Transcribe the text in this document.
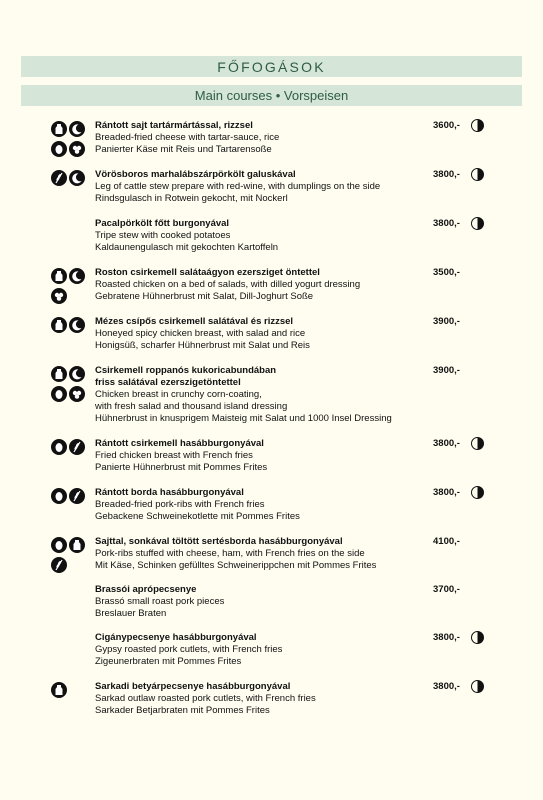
FŐFOGÁSOK
Main courses • Vorspeisen
Rántott sajt tartármártással, rizzsel
Breaded-fried cheese with tartar-sauce, rice
Panierter Käse mit Reis und Tartarensoße
3600,-
Vörösboros marhalábszárpörkölt galuskával
Leg of cattle stew prepare with red-wine, with dumplings on the side
Rindsgulasch in Rotwein gekocht, mit Nockerl
3800,-
Pacalpörkölt főtt burgonyával
Tripe stew with cooked potatoes
Kaldaunengulasch mit gekochten Kartoffeln
3800,-
Roston csirkemell salátaágyon ezersziget öntettel
Roasted chicken on a bed of salads, with dilled yogurt dressing
Gebratene Hühnerbrust mit Salat, Dill-Joghurt Soße
3500,-
Mézes csípős csirkemell salátával és rizzsel
Honeyed spicy chicken breast, with salad and rice
Honigsüß, scharfer Hühnerbrust mit Salat und Reis
3900,-
Csirkemell roppanós kukoricabundában
friss salátával ezerszigetöntettel
Chicken breast in crunchy corn-coating,
with fresh salad and thousand island dressing
Hühnerbrust in knusprigem Maisteig mit Salat und 1000 Insel Dressing
3900,-
Rántott csirkemell hasábburgonyával
Fried chicken breast with French fries
Panierte Hühnerbrust mit Pommes Frites
3800,-
Rántott borda hasábburgonyával
Breaded-fried pork-ribs with French fries
Gebackene Schweinekotlette mit Pommes Frites
3800,-
Sajttal, sonkával töltött sertésborda hasábburgonyával
Pork-ribs stuffed with cheese, ham, with French fries on the side
Mit Käse, Schinken gefülltes Schweinerippchen mit Pommes Frites
4100,-
Brassói aprópecsenye
Brassó small roast pork pieces
Breslauer Braten
3700,-
Cigánypecsenye hasábburgonyával
Gypsy roasted pork cutlets, with French fries
Zigeunerbraten mit Pommes Frites
3800,-
Sarkadi betyárpecsenye hasábburgonyával
Sarkad outlaw roasted pork cutlets, with French fries
Sarkader Betjarbraten mit Pommes Frites
3800,-
